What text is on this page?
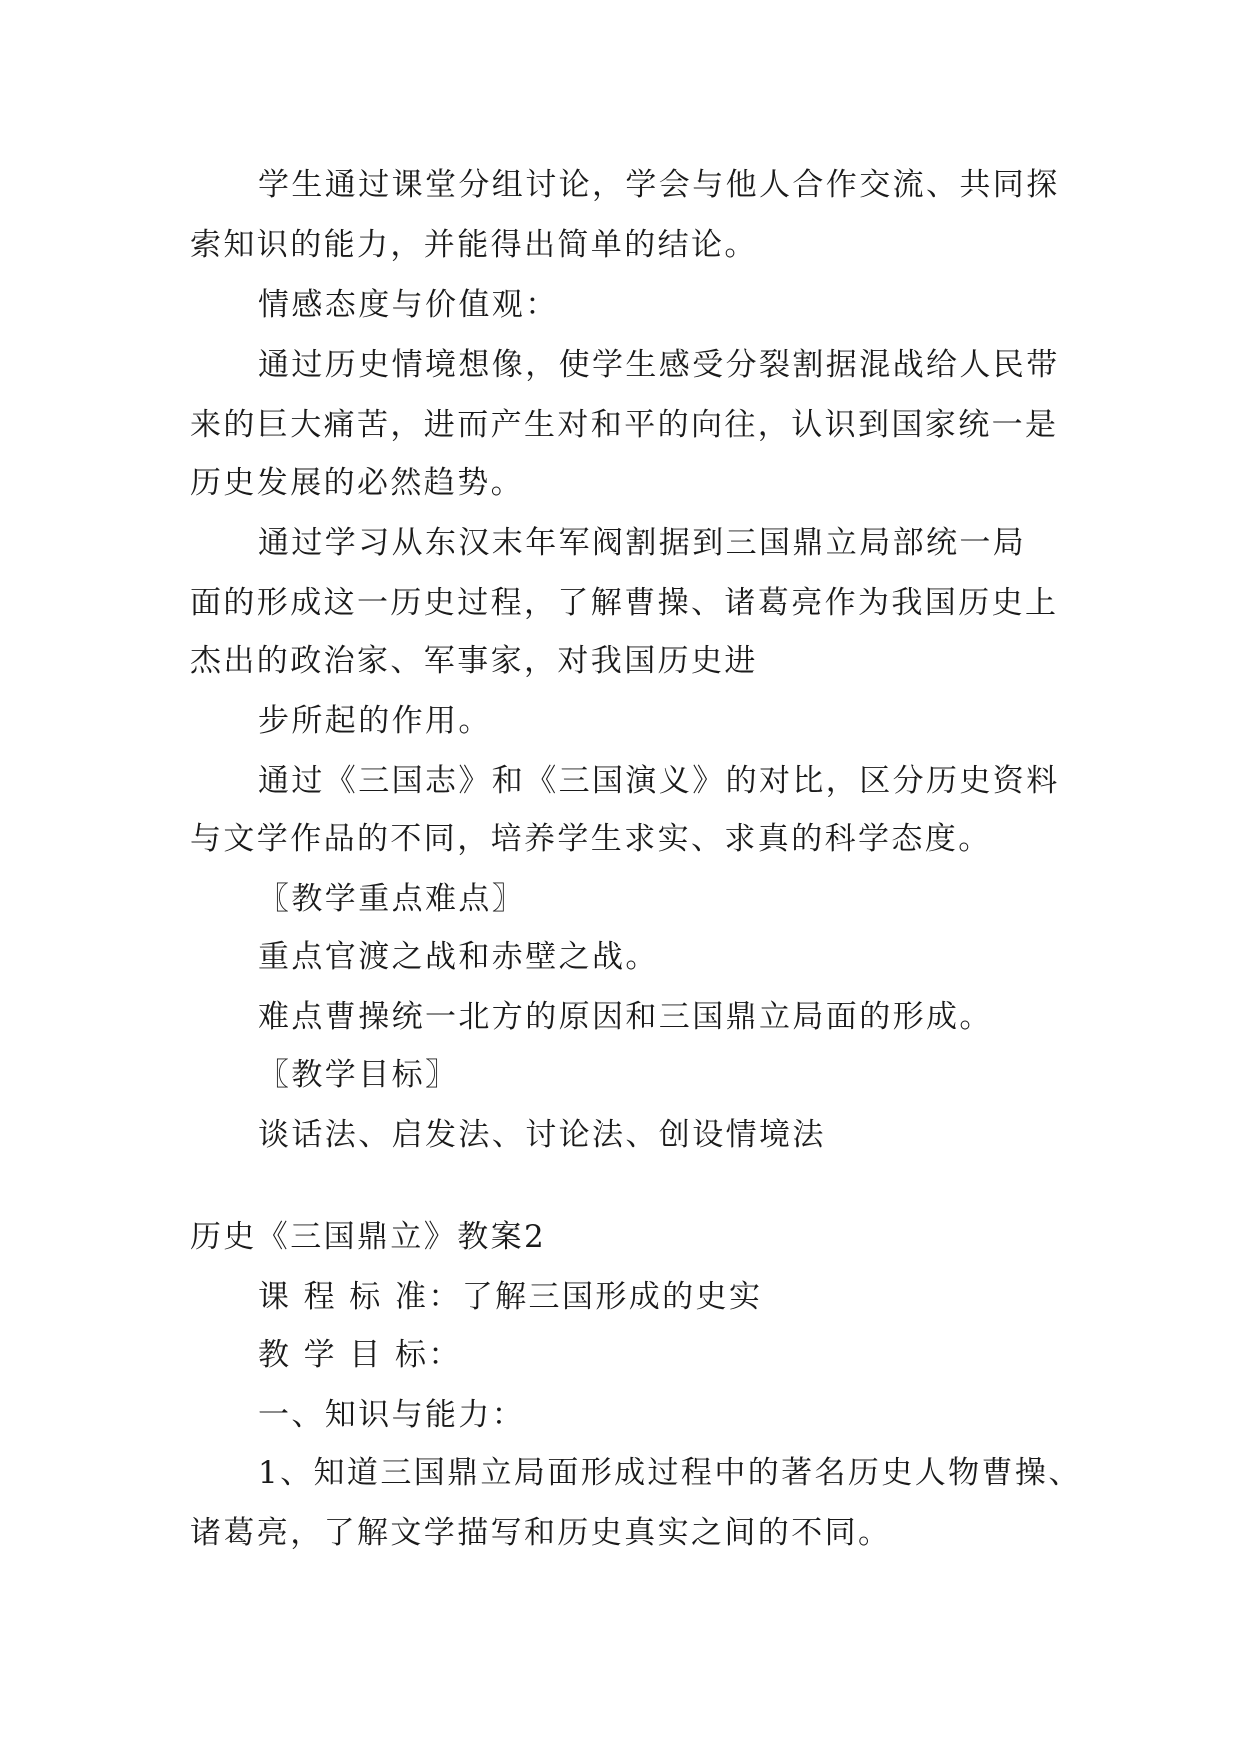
学生通过课堂分组讨论，学会与他人合作交流、共同探
索知识的能力，并能得出简单的结论。
情感态度与价值观：
通过历史情境想像，使学生感受分裂割据混战给人民带
来的巨大痛苦，进而产生对和平的向往，认识到国家统一是
历史发展的必然趋势。
通过学习从东汉末年军阀割据到三国鼎立局部统一局
面的形成这一历史过程，了解曹操、诸葛亮作为我国历史上
杰出的政治家、军事家，对我国历史进
步所起的作用。
通过《三国志》和《三国演义》的对比，区分历史资料
与文学作品的不同，培养学生求实、求真的科学态度。
〖教学重点难点〗
重点官渡之战和赤壁之战。
难点曹操统一北方的原因和三国鼎立局面的形成。
〖教学目标〗
谈话法、启发法、讨论法、创设情境法
历史《三国鼎立》教案2
课 程 标 准：了解三国形成的史实
教 学 目 标：
一、知识与能力：
1、知道三国鼎立局面形成过程中的著名历史人物曹操、
诸葛亮，了解文学描写和历史真实之间的不同。
